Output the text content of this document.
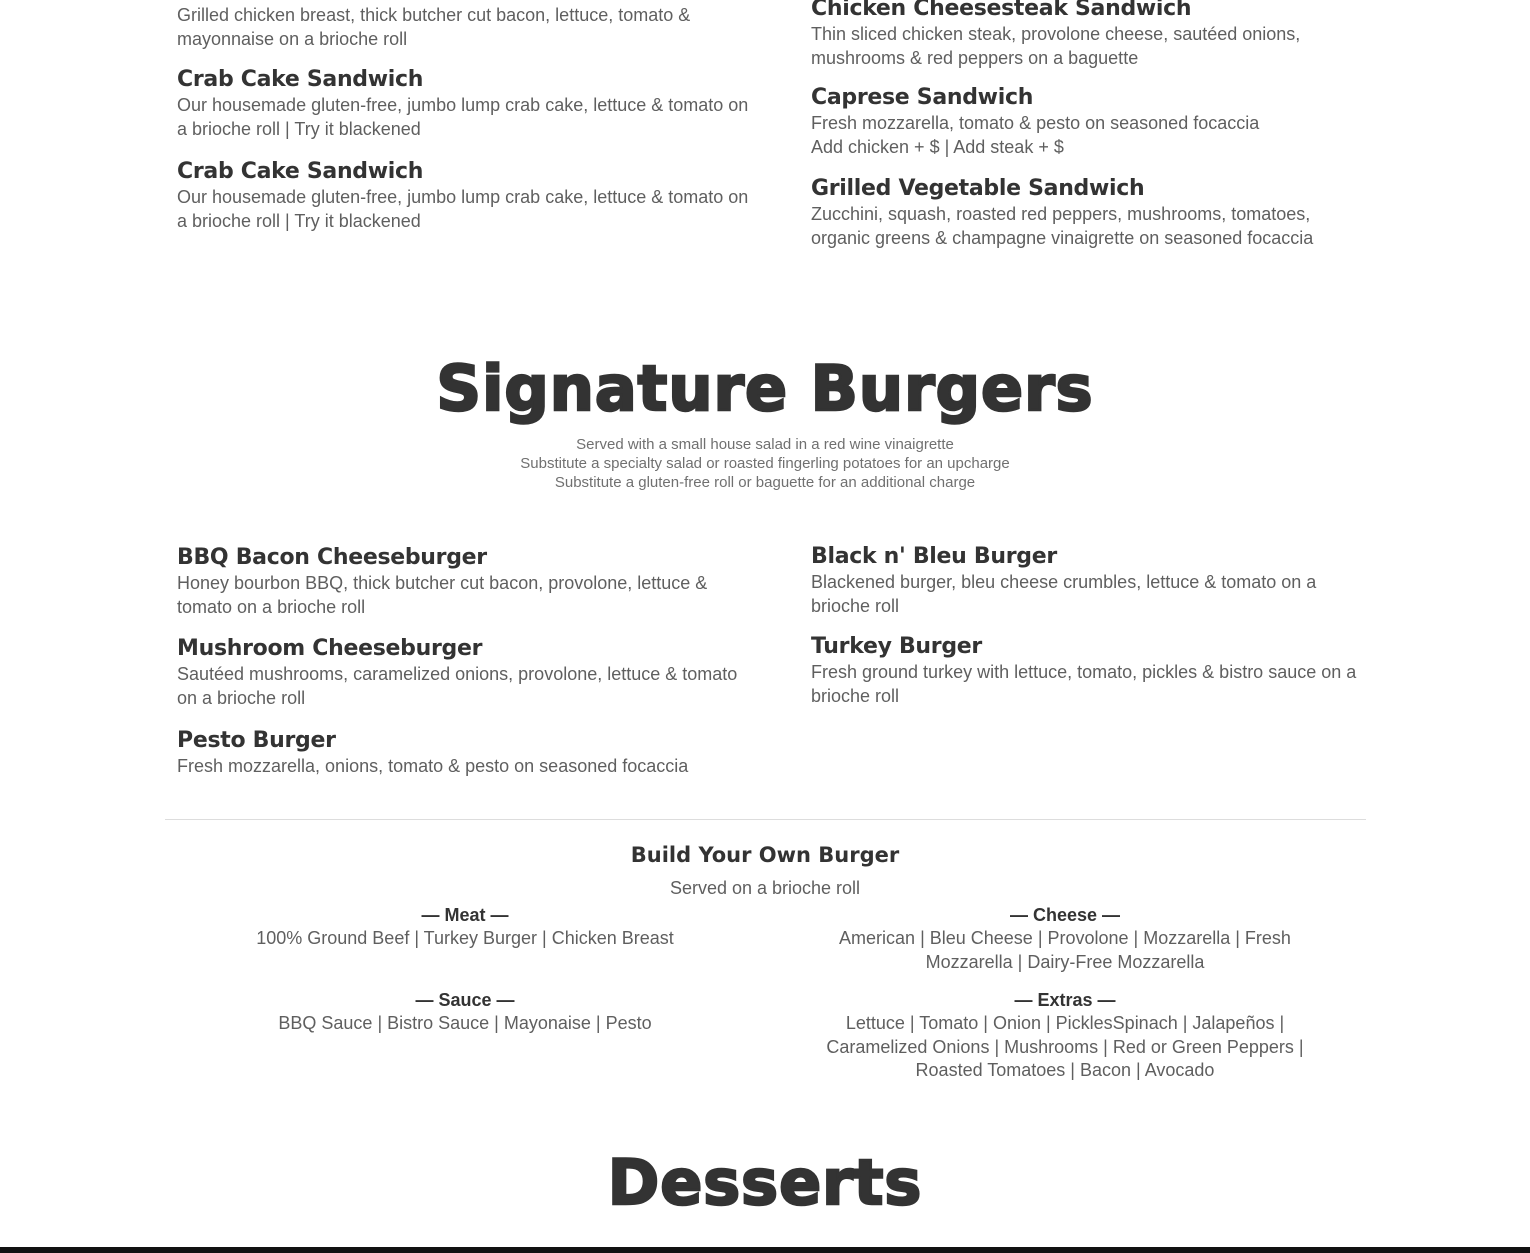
Grilled chicken breast, thick butcher cut bacon, lettuce, tomato & mayonnaise on a brioche roll

Crab Cake Sandwich

Our housemade gluten-free, jumbo lump crab cake, lettuce & tomato on a brioche roll | Try it blackened

Crab Cake Sandwich

Our housemade gluten-free, jumbo lump crab cake, lettuce & tomato on a brioche roll | Try it blackened

Chicken Cheesesteak Sandwich

Thin sliced chicken steak, provolone cheese, sautéed onions, mushrooms & red peppers on a baguette

Caprese Sandwich

Fresh mozzarella, tomato & pesto on seasoned focaccia

Add chicken + $ | Add steak + $

Grilled Vegetable Sandwich

Zucchini, squash, roasted red peppers, mushrooms, tomatoes, organic greens & champagne vinaigrette on seasoned focaccia

Signature Burgers
Served with a small house salad in a red wine vinaigrette
Substitute a specialty salad or roasted fingerling potatoes for an upcharge
Substitute a gluten-free roll or baguette for an additional charge
BBQ Bacon Cheeseburger

Honey bourbon BBQ, thick butcher cut bacon, provolone, lettuce & tomato on a brioche roll

Mushroom Cheeseburger

Sautéed mushrooms, caramelized onions, provolone, lettuce & tomato on a brioche roll

Pesto Burger

Fresh mozzarella, onions, tomato & pesto on seasoned focaccia

Black n' Bleu Burger

Blackened burger, bleu cheese crumbles, lettuce & tomato on a brioche roll

Turkey Burger

Fresh ground turkey with lettuce, tomato, pickles & bistro sauce on a brioche roll

Build Your Own Burger
Served on a brioche roll
— Meat —
100% Ground Beef | Turkey Burger | Chicken Breast
— Cheese —
American | Bleu Cheese | Provolone | Mozzarella | Fresh Mozzarella | Dairy-Free Mozzarella
— Sauce —
BBQ Sauce | Bistro Sauce | Mayonaise | Pesto
— Extras —
Lettuce | Tomato | Onion | PicklesSpinach | Jalapeños | Caramelized Onions | Mushrooms | Red or Green Peppers | Roasted Tomatoes | Bacon | Avocado
Desserts
